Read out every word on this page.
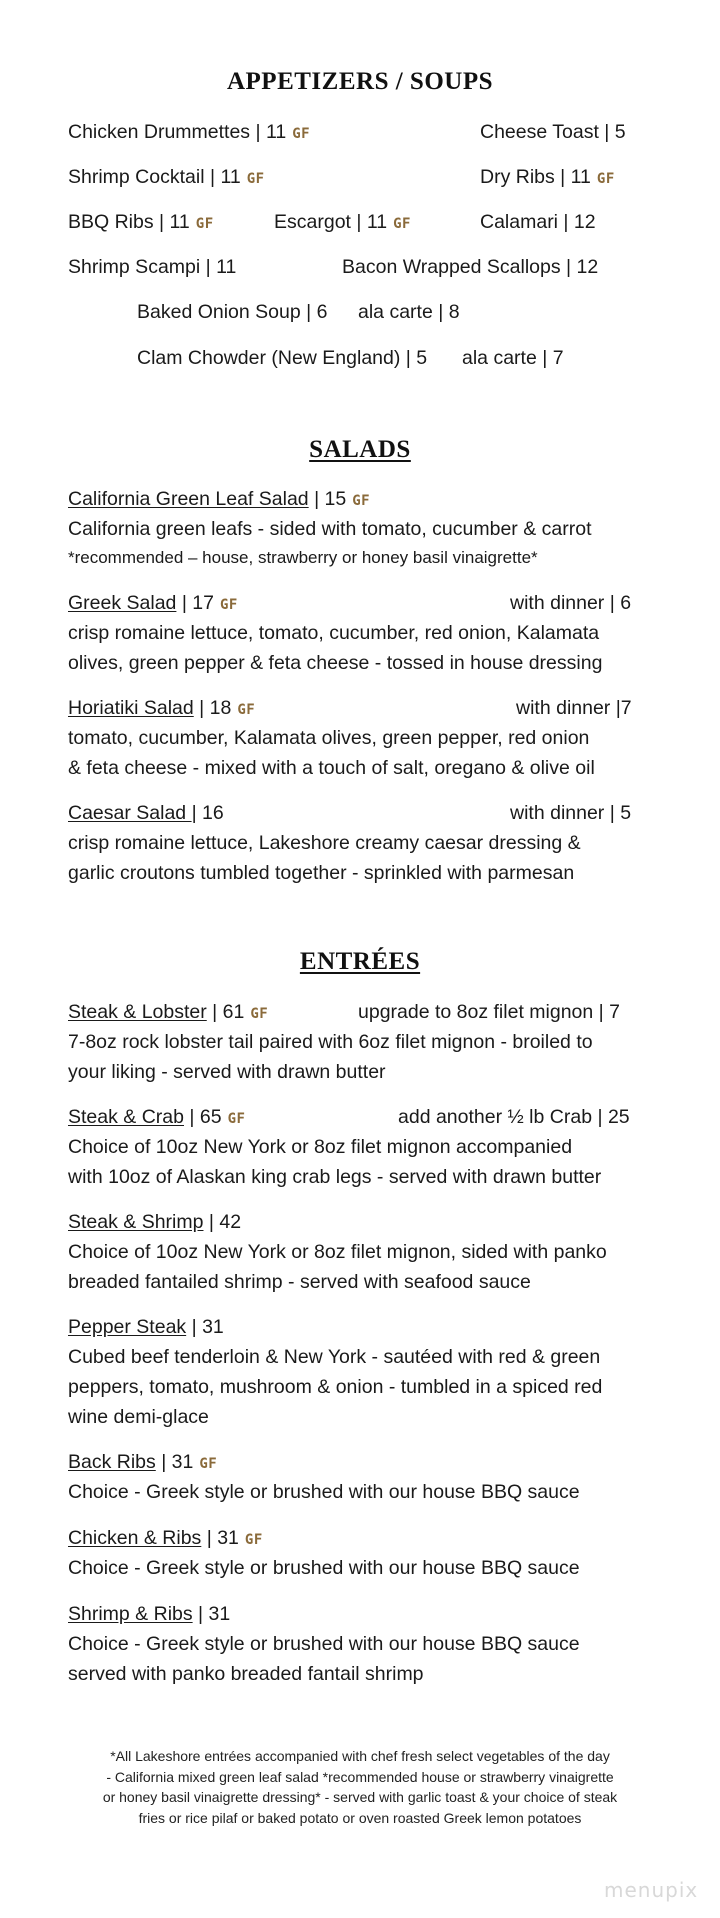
APPETIZERS / SOUPS
Chicken Drummettes | 11 GF	Cheese Toast | 5
Shrimp Cocktail | 11 GF	Dry Ribs | 11 GF
BBQ Ribs | 11 GF	Escargot | 11 GF	Calamari | 12
Shrimp Scampi | 11	Bacon Wrapped Scallops | 12
Baked Onion Soup | 6 ala carte | 8
Clam Chowder (New England) | 5 ala carte | 7
SALADS
California Green Leaf Salad | 15 GF
California green leafs - sided with tomato, cucumber & carrot
*recommended – house, strawberry or honey basil vinaigrette*
Greek Salad | 17 GF	with dinner | 6
crisp romaine lettuce, tomato, cucumber, red onion, Kalamata
olives, green pepper & feta cheese - tossed in house dressing
Horiatiki Salad | 18 GF	with dinner |7
tomato, cucumber, Kalamata olives, green pepper, red onion
& feta cheese - mixed with a touch of salt, oregano & olive oil
Caesar Salad | 16	with dinner | 5
crisp romaine lettuce, Lakeshore creamy caesar dressing &
garlic croutons tumbled together - sprinkled with parmesan
ENTRÉES
Steak & Lobster | 61 GF	upgrade to 8oz filet mignon | 7
7-8oz rock lobster tail paired with 6oz filet mignon - broiled to
your liking - served with drawn butter
Steak & Crab | 65 GF	add another ½ lb Crab | 25
Choice of 10oz New York or 8oz filet mignon accompanied
with 10oz of Alaskan king crab legs - served with drawn butter
Steak & Shrimp | 42
Choice of 10oz New York or 8oz filet mignon, sided with panko
breaded fantailed shrimp - served with seafood sauce
Pepper Steak | 31
Cubed beef tenderloin & New York - sautéed with red & green
peppers, tomato, mushroom & onion - tumbled in a spiced red
wine demi-glace
Back Ribs | 31 GF
Choice - Greek style or brushed with our house BBQ sauce
Chicken & Ribs | 31 GF
Choice - Greek style or brushed with our house BBQ sauce
Shrimp & Ribs | 31
Choice - Greek style or brushed with our house BBQ sauce
served with panko breaded fantail shrimp
*All Lakeshore entrées accompanied with chef fresh select vegetables of the day
- California mixed green leaf salad *recommended house or strawberry vinaigrette
or honey basil vinaigrette dressing* - served with garlic toast & your choice of steak
fries or rice pilaf or baked potato or oven roasted Greek lemon potatoes
menupix
